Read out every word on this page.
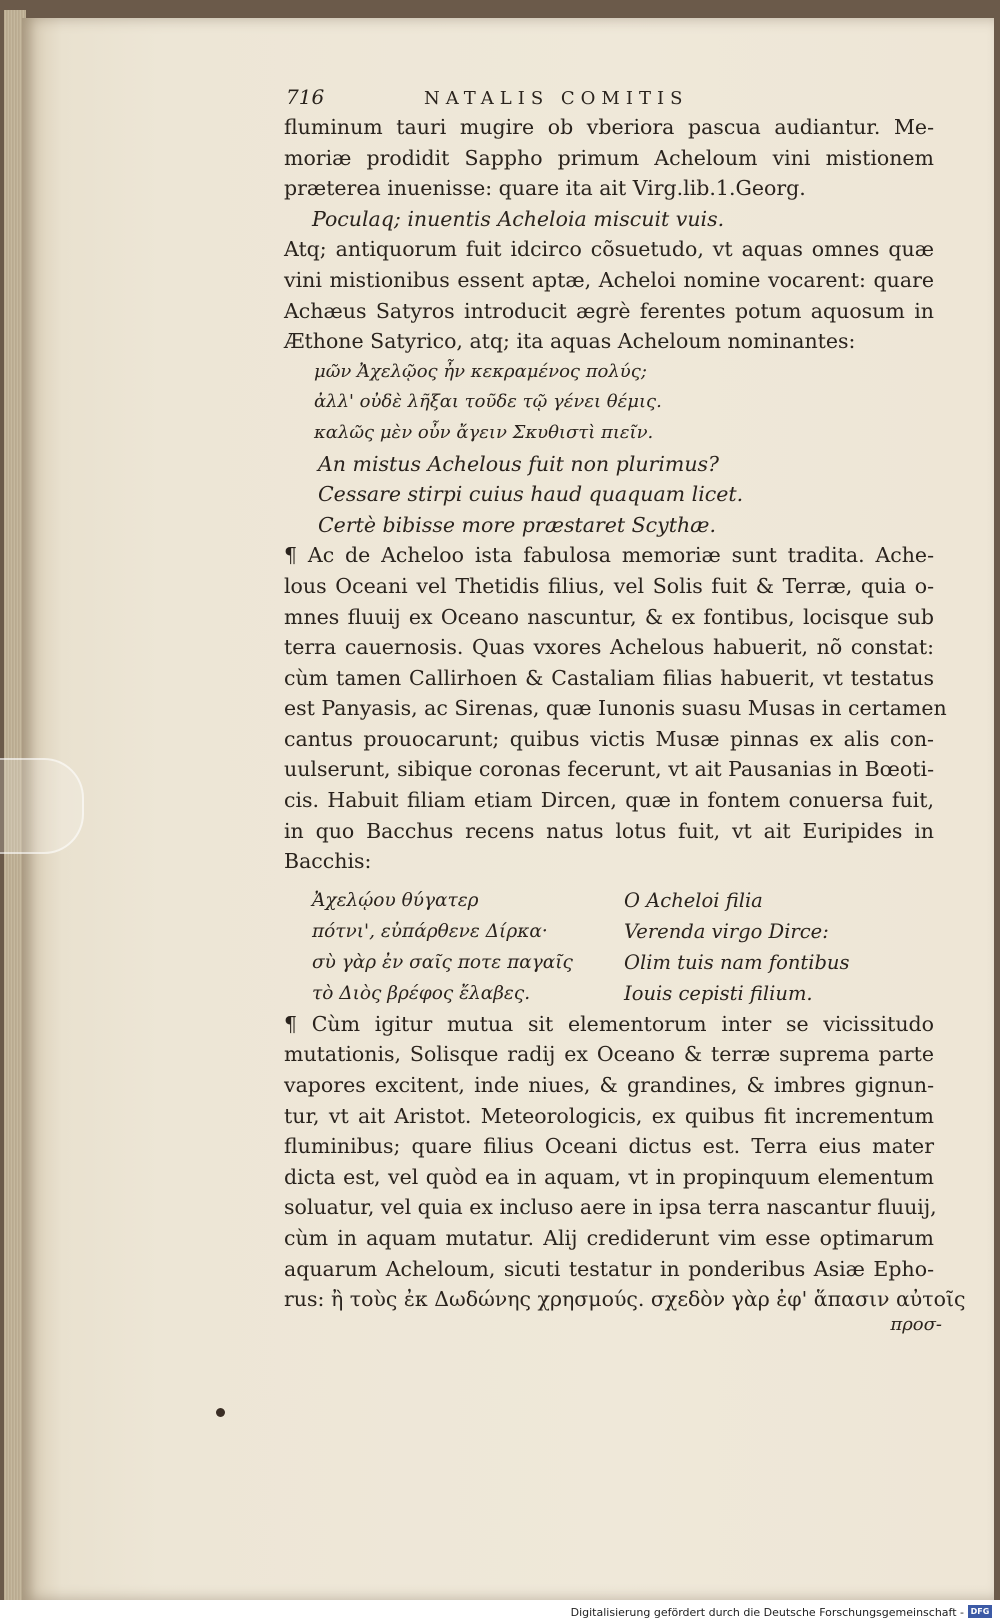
716	NATALIS COMITIS
fluminum tauri mugire ob vberiora pascua audiantur. Me-
moriæ prodidit Sappho primum Acheloum vini mistionem
præterea inuenisse: quare ita ait Virg.lib.1.Georg.
Poculaq; inuentis Acheloia miscuit vuis.
Atq; antiquorum fuit idcirco cõsuetudo, vt aquas omnes quæ
vini mistionibus essent aptæ, Acheloi nomine vocarent: quare
Achæus Satyros introducit ægrè ferentes potum aquosum in
Æthone Satyrico, atq; ita aquas Acheloum nominantes:
μῶν Ἀχελῷος ἦν κεκραμένος πολύς;
ἀλλ' οὐδὲ λῆξαι τοῦδε τῷ γένει θέμις.
καλῶς μὲν οὖν ἄγειν Σκυθιστὶ πιεῖν.
An mistus Achelous fuit non plurimus?
Cessare stirpi cuius haud quaquam licet.
Certè bibisse more præstaret Scythæ.
¶ Ac de Acheloo ista fabulosa memoriæ sunt tradita. Ache-
lous Oceani vel Thetidis filius, vel Solis fuit & Terræ, quia o-
mnes fluuij ex Oceano nascuntur, & ex fontibus, locisque sub
terra cauernosis. Quas vxores Achelous habuerit, nõ constat:
cùm tamen Callirhoen & Castaliam filias habuerit, vt testatus
est Panyasis, ac Sirenas, quæ Iunonis suasu Musas in certamen
cantus prouocarunt; quibus victis Musæ pinnas ex alis con-
uulserunt, sibique coronas fecerunt, vt ait Pausanias in Bœoti-
cis. Habuit filiam etiam Dircen, quæ in fontem conuersa fuit,
in quo Bacchus recens natus lotus fuit, vt ait Euripides in
Bacchis:
Ἀχελῴου θύγατερ
πότνι', εὐπάρθενε Δίρκα·
σὺ γὰρ ἐν σαῖς ποτε παγαῖς
τὸ Διὸς βρέφος ἔλαβες.
O Acheloi filia
Verenda virgo Dirce:
Olim tuis nam fontibus
Iouis cepisti filium.
¶ Cùm igitur mutua sit elementorum inter se vicissitudo
mutationis, Solisque radij ex Oceano & terræ suprema parte
vapores excitent, inde niues, & grandines, & imbres gignun-
tur, vt ait Aristot. Meteorologicis, ex quibus fit incrementum
fluminibus; quare filius Oceani dictus est. Terra eius mater
dicta est, vel quòd ea in aquam, vt in propinquum elementum
soluatur, vel quia ex incluso aere in ipsa terra nascantur fluuij,
cùm in aquam mutatur. Alij crediderunt vim esse optimarum
aquarum Acheloum, sicuti testatur in ponderibus Asiæ Epho-
rus: ἢ τοὺς ἐκ Δωδώνης χρησμούς. σχεδὸν γὰρ ἐφ' ἅπασιν αὐτοῖς
προσ-
Digitalisierung gefördert durch die Deutsche Forschungsgemeinschaft - DFG
